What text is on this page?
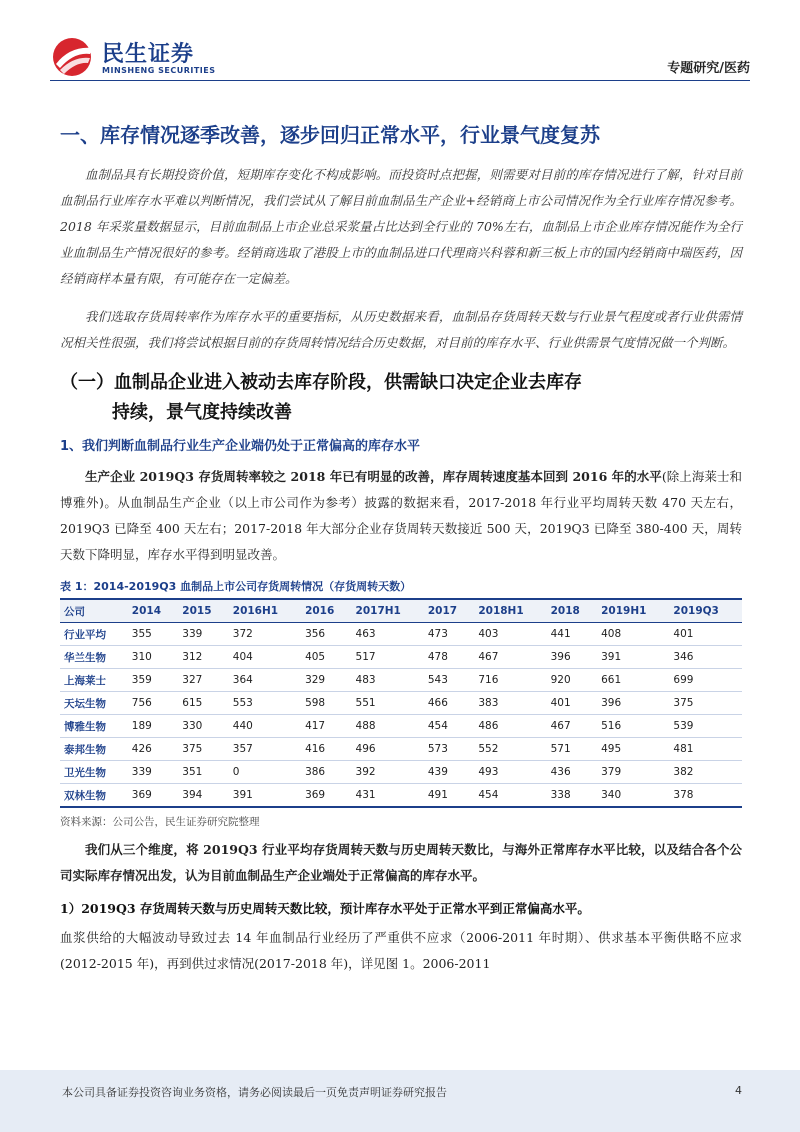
民生证券
MINSHENG SECURITIES	专题研究/医药
一、库存情况逐季改善，逐步回归正常水平，行业景气度复苏

血制品具有长期投资价值，短期库存变化不构成影响。而投资时点把握，则需要对目前的库存情况进行了解，针对目前血制品行业库存水平难以判断情况，我们尝试从了解目前血制品生产企业+经销商上市公司情况作为全行业库存情况参考。2018 年采浆量数据显示，目前血制品上市企业总采浆量占比达到全行业的 70%左右，血制品上市企业库存情况能作为全行业血制品生产情况很好的参考。经销商选取了港股上市的血制品进口代理商兴科蓉和新三板上市的国内经销商中瑞医药，因经销商样本量有限，有可能存在一定偏差。

我们选取存货周转率作为库存水平的重要指标，从历史数据来看，血制品存货周转天数与行业景气程度或者行业供需情况相关性很强，我们将尝试根据目前的存货周转情况结合历史数据，对目前的库存水平、行业供需景气度情况做一个判断。

（一）血制品企业进入被动去库存阶段，供需缺口决定企业去库存
持续，景气度持续改善
1、我们判断血制品行业生产企业端仍处于正常偏高的库存水平

生产企业 2019Q3 存货周转率较之 2018 年已有明显的改善，库存周转速度基本回到 2016 年的水平(除上海莱士和博雅外)。从血制品生产企业（以上市公司作为参考）披露的数据来看，2017-2018 年行业平均周转天数 470 天左右，2019Q3 已降至 400 天左右；2017-2018 年大部分企业存货周转天数接近 500 天，2019Q3 已降至 380-400 天，周转天数下降明显，库存水平得到明显改善。

表 1：2014-2019Q3 血制品上市公司存货周转情况（存货周转天数）
公司	2014	2015	2016H1	2016	2017H1	2017	2018H1	2018	2019H1	2019Q3
行业平均	355	339	372	356	463	473	403	441	408	401
华兰生物	310	312	404	405	517	478	467	396	391	346
上海莱士	359	327	364	329	483	543	716	920	661	699
天坛生物	756	615	553	598	551	466	383	401	396	375
博雅生物	189	330	440	417	488	454	486	467	516	539
泰邦生物	426	375	357	416	496	573	552	571	495	481
卫光生物	339	351	0	386	392	439	493	436	379	382
双林生物	369	394	391	369	431	491	454	338	340	378
资料来源：公司公告，民生证券研究院整理

我们从三个维度，将 2019Q3 行业平均存货周转天数与历史周转天数比，与海外正常库存水平比较，以及结合各个公司实际库存情况出发，认为目前血制品生产企业端处于正常偏高的库存水平。

1）2019Q3 存货周转天数与历史周转天数比较，预计库存水平处于正常水平到正常偏高水平。

血浆供给的大幅波动导致过去 14 年血制品行业经历了严重供不应求（2006-2011 年时期）、供求基本平衡供略不应求(2012-2015 年)，再到供过求情况(2017-2018 年)，详见图 1。2006-2011

本公司具备证券投资咨询业务资格，请务必阅读最后一页免责声明证券研究报告	4
